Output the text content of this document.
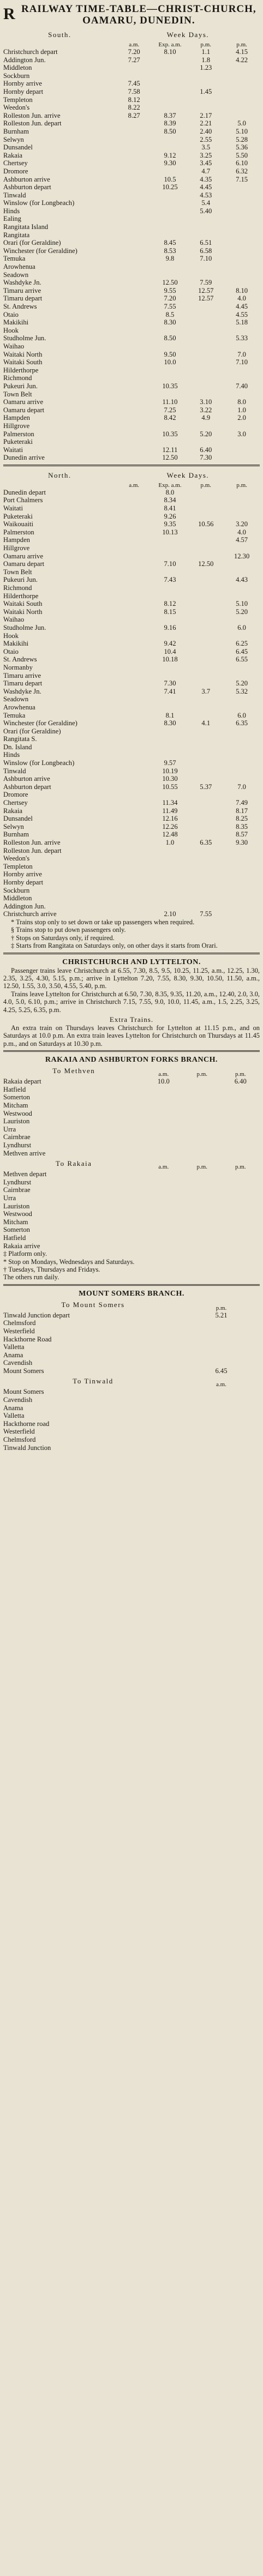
R RAILWAY TIME-TABLE—CHRIST-CHURCH, OAMARU, DUNEDIN.
South.	Week Days.			
	a.m.	Exp. a.m.	p.m.	p.m.
Christchurch depart	7.20	8.10	1.1	4.15
Addington Jun.	7.27		1.8	4.22
Middleton			1.23	
Sockburn				
Hornby arrive	7.45			

Hornby depart	7.58		1.45	
Templeton	8.12			
Weedon's	8.22			
Rolleston Jun. arrive	8.27	8.37	2.17	

Rolleston Jun. depart		8.39	2.21	5.0
Burnham		8.50	2.40	5.10
Selwyn			2.55	5.28
Dunsandel			3.5	5.36
Rakaia		9.12	3.25	5.50
Chertsey		9.30	3.45	6.10
Dromore			4.7	6.32
Ashburton arrive		10.5	4.35	7.15

Ashburton depart		10.25	4.45	
Tinwald			4.53	
Winslow (for Longbeach)			5.4	
Hinds			5.40	
Ealing				
Rangitata Island				
Rangitata				
Orari (for Geraldine)		8.45	6.51	
Winchester (for Geraldine)		8.53	6.58	
Temuka		9.8	7.10	
Arowhenua				
Seadown				
Washdyke Jn.		12.50	7.59	
Timaru arrive		9.55	12.57	8.10

Timaru depart		7.20	12.57	4.0
St. Andrews		7.55		4.45
Otaio		8.5		4.55
Makikihi		8.30		5.18
Hook				
Studholme Jun.		8.50		5.33
Waihao				
Waitaki North		9.50		7.0
Waitaki South		10.0		7.10
Hilderthorpe				
Richmond				
Pukeuri Jun.		10.35		7.40
Town Belt				
Oamaru arrive		11.10	3.10	8.0

Oamaru depart		7.25	3.22	1.0
Hampden		8.42	4.9	2.0
Hillgrove				
Palmerston		10.35	5.20	3.0
Puketeraki				
Waitati		12.11	6.40	
Dunedin arrive		12.50	7.30	
North.	Week Days.			
	a.m.	Exp. a.m.	p.m.	p.m.
Dunedin depart		8.0		
Port Chalmers		8.34		
Waitati		8.41		
Puketeraki		9.26		
Waikouaiti		9.35	10.56	3.20
Palmerston		10.13		4.0
Hampden				4.57
Hillgrove				
Oamaru arrive				12.30

Oamaru depart		7.10	12.50	
Town Belt				
Pukeuri Jun.		7.43		4.43
Richmond				
Hilderthorpe				
Waitaki South		8.12		5.10
Waitaki North		8.15		5.20
Waihao				
Studholme Jun.		9.16		6.0
Hook				
Makikihi		9.42		6.25
Otaio		10.4		6.45
St. Andrews		10.18		6.55
Normanby				
Timaru arrive				

Timaru depart		7.30		5.20
Washdyke Jn.		7.41	3.7	5.32
Seadown				
Arowhenua				
Temuka		8.1		6.0
Winchester (for Geraldine)		8.30	4.1	6.35
Orari (for Geraldine)				
Rangitata S.				
Dn. Island				
Hinds				
Winslow (for Longbeach)		9.57		
Tinwald		10.19		
Ashburton arrive		10.30		

Ashburton depart		10.55	5.37	7.0
Dromore				
Chertsey		11.34		7.49
Rakaia		11.49		8.17
Dunsandel		12.16		8.25
Selwyn		12.26		8.35
Burnham		12.48		8.57
Rolleston Jun. arrive		1.0	6.35	9.30

Rolleston Jun. depart				
Weedon's				
Templeton				
Hornby arrive				

Hornby depart				
Sockburn				
Middleton				
Addington Jun.				
Christchurch arrive		2.10	7.55	

* Trains stop only to set down or take up passengers when required.

§ Trains stop to put down passengers only.

† Stops on Saturdays only, if required.

‡ Starts from Rangitata on Saturdays only, on other days it starts from Orari.

CHRISTCHURCH AND LYTTELTON.

Passenger trains leave Christchurch at 6.55, 7.30, 8.5, 9.5, 10.25, 11.25, a.m., 12.25, 1.30, 2.35, 3.25, 4.30, 5.15, p.m.; arrive in Lyttelton 7.20, 7.55, 8.30, 9.30, 10.50, 11.50, a.m., 12.50, 1.55, 3.0, 3.50, 4.55, 5.40, p.m.

Trains leave Lyttelton for Christchurch at 6.50, 7.30, 8.35, 9.35, 11.20, a.m., 12.40, 2.0, 3.0, 4.0, 5.0, 6.10, p.m.; arrive in Christchurch 7.15, 7.55, 9.0, 10.0, 11.45, a.m., 1.5, 2.25, 3.25, 4.25, 5.25, 6.35, p.m.

Extra Trains.

An extra train on Thursdays leaves Christchurch for Lyttelton at 11.15 p.m., and on Saturdays at 10.0 p.m. An extra train leaves Lyttelton for Christchurch on Thursdays at 11.45 p.m., and on Saturdays at 10.30 p.m.

RAKAIA AND ASHBURTON FORKS BRANCH.
To Methven	a.m.	p.m.	p.m.
Rakaia depart	10.0		6.40
Hatfield			
Somerton			
Mitcham			
Westwood			
Lauriston			
Urra			
Cairnbrae			
Lyndhurst			
Methven arrive			
To Rakaia	a.m.	p.m.	p.m.
Methven depart			
Lyndhurst			
Cairnbrae			
Urra			
Lauriston			
Westwood			
Mitcham			
Somerton			
Hatfield			
Rakaia arrive			

‡ Platform only.

* Stop on Mondays, Wednesdays and Saturdays.

† Tuesdays, Thursdays and Fridays.

The others run daily.

MOUNT SOMERS BRANCH.
To Mount Somers	p.m.
Tinwald Junction depart	5.21
Chelmsford	
Westerfield	
Hackthorne Road	
Valletta	
Anama	
Cavendish	
Mount Somers	6.45
To Tinwald	a.m.
Mount Somers	
Cavendish	
Anama	
Valletta	
Hackthorne road	
Westerfield	
Chelmsford	
Tinwald Junction	
